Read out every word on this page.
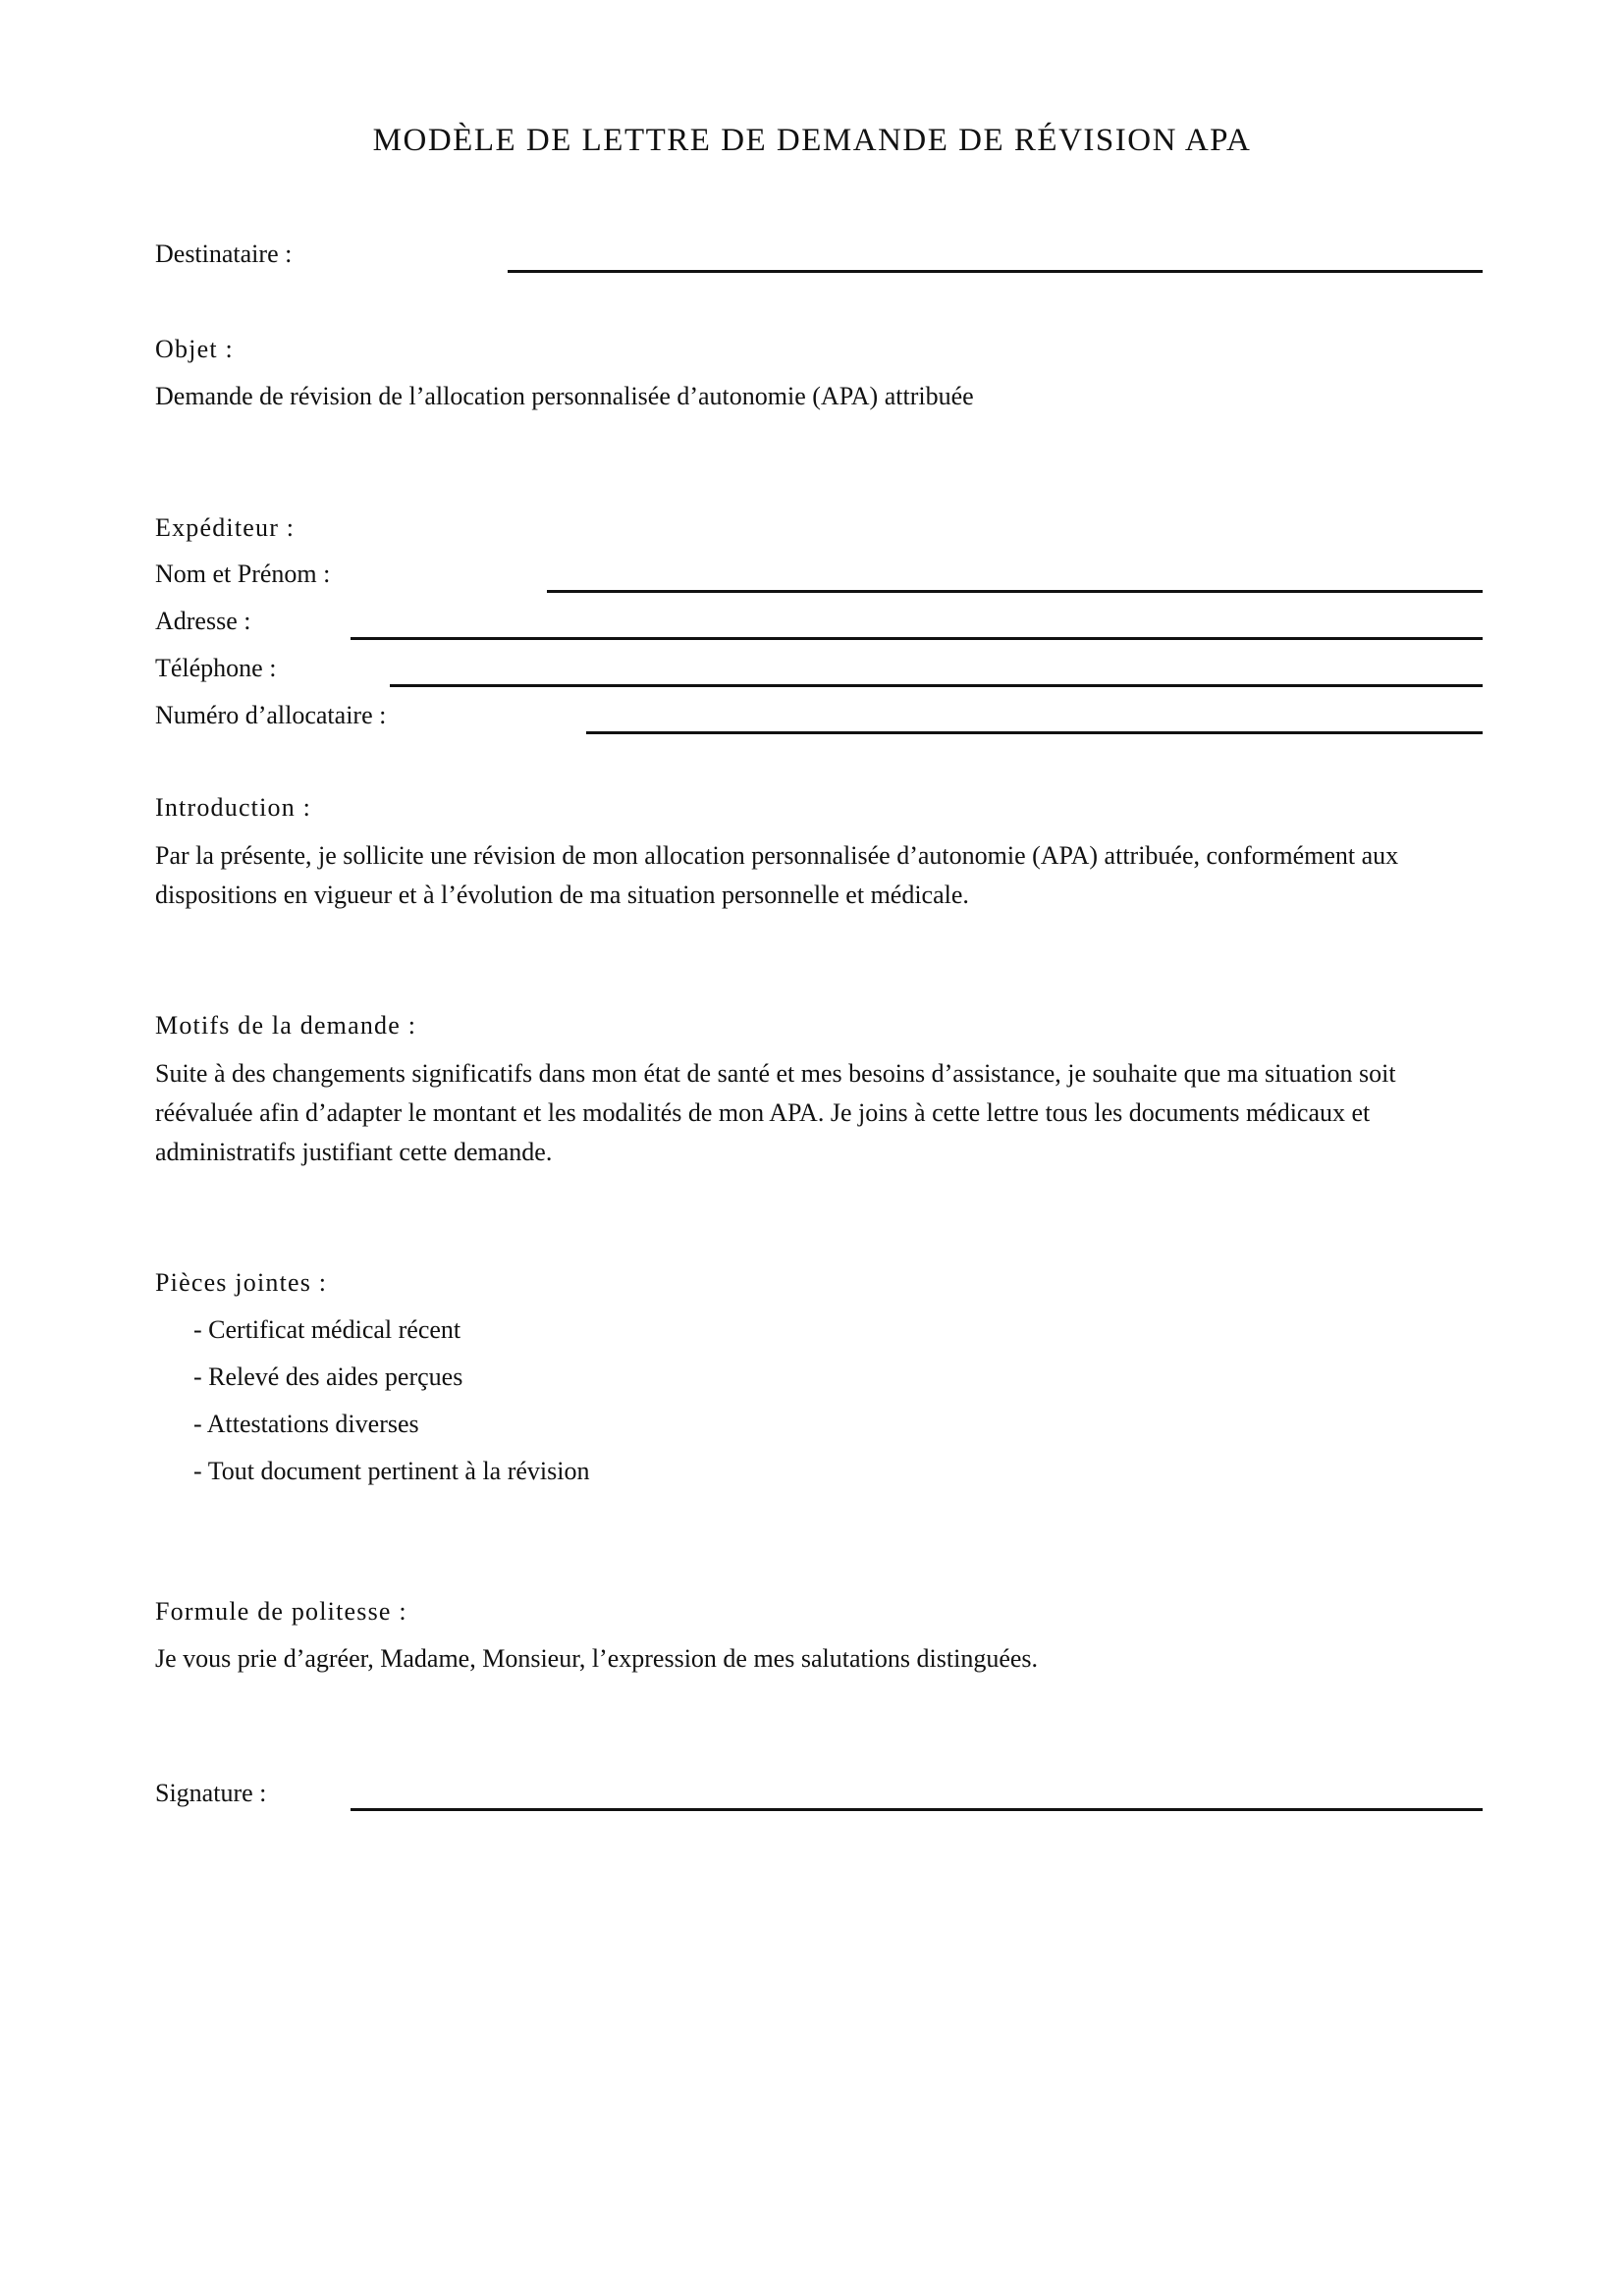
MODÈLE DE LETTRE DE DEMANDE DE RÉVISION APA
Destinataire :
Objet :
Demande de révision de l’allocation personnalisée d’autonomie (APA) attribuée
Expéditeur :
Nom et Prénom :
Adresse :
Téléphone :
Numéro d’allocataire :
Introduction :
Par la présente, je sollicite une révision de mon allocation personnalisée d’autonomie (APA) attribuée, conformément aux dispositions en vigueur et à l’évolution de ma situation personnelle et médicale.
Motifs de la demande :
Suite à des changements significatifs dans mon état de santé et mes besoins d’assistance, je souhaite que ma situation soit réévaluée afin d’adapter le montant et les modalités de mon APA. Je joins à cette lettre tous les documents médicaux et administratifs justifiant cette demande.
Pièces jointes :
- Certificat médical récent
- Relevé des aides perçues
- Attestations diverses
- Tout document pertinent à la révision
Formule de politesse :
Je vous prie d’agréer, Madame, Monsieur, l’expression de mes salutations distinguées.
Signature :
